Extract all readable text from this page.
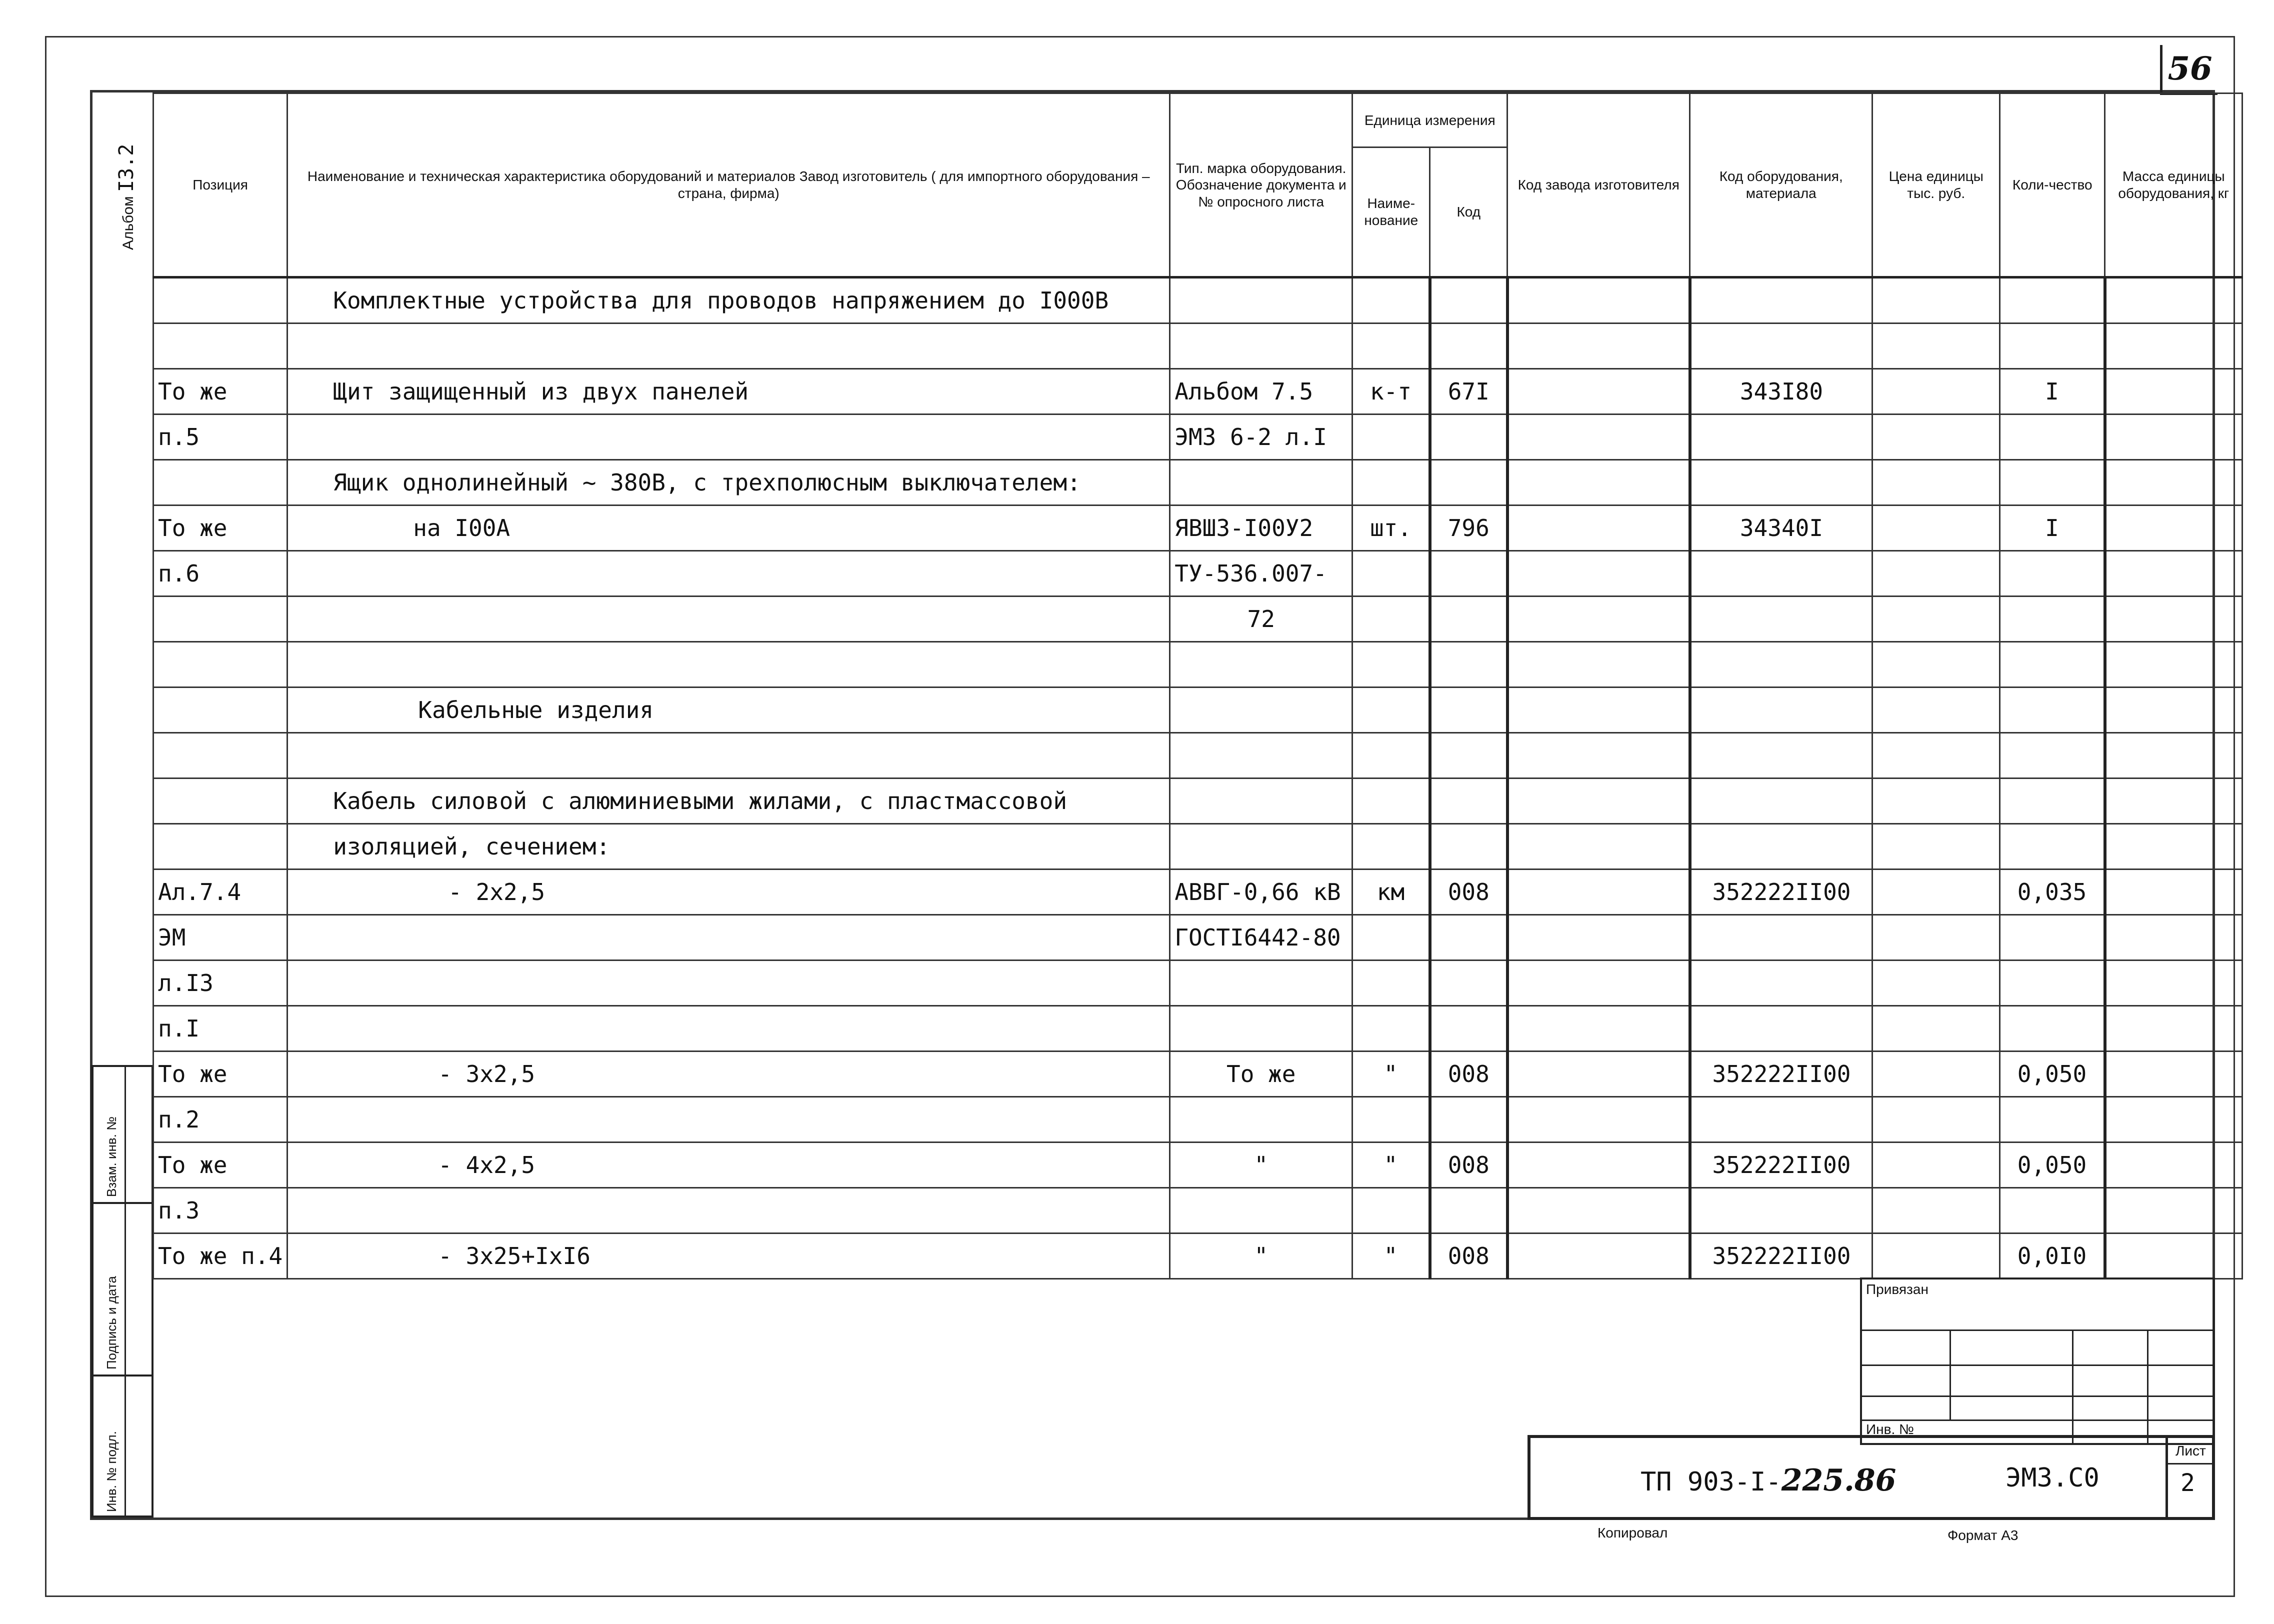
56
Альбом I3.2
Взам. инв. №
Подпись и дата
Инв. № подл.
Позиция	Наименование и техническая характеристика оборудований и материалов Завод изготовитель ( для импортного оборудования – страна, фирма)	Тип. марка оборудования. Обозначение документа и № опросного листа	Единица измерения		Код завода изготовителя	Код оборудования, материала	Цена единицы тыс. руб.	Коли-чество	Масса единицы оборудования, кг
			Наиме-нование	Код					
	Комплектные устройства для проводов напряжением до I000В								

То же	Щит защищенный из двух панелей	Альбом 7.5	к-т	67I		343I80		I	
п.5		ЭМЗ 6-2 л.I							
	Ящик однолинейный ~ 380В, с трехполюсным выключателем:								
То же	на I00А	ЯВШЗ-I00У2	шт.	796		34340I		I	
п.6		ТУ-536.007-							
		72							

	Кабельные изделия								

	Кабель силовой с алюминиевыми жилами, с пластмассовой								
	изоляцией, сечением:								
Ал.7.4	- 2х2,5	АВВГ-0,66 кВ	км	008		352222II00		0,035	
ЭМ		ГОСТI6442-80							
л.I3									
п.I									
То же	- 3х2,5	То же	"	008		352222II00		0,050	
п.2									
То же	- 4х2,5	"	"	008		352222II00		0,050	
п.3									
То же п.4	- 3х25+IхI6	"	"	008		352222II00		0,0I0	
Привязан
Инв. №
ТП 903-I-225.86	ЭМЗ.С0
Лист
2
Копировал	Формат А3
